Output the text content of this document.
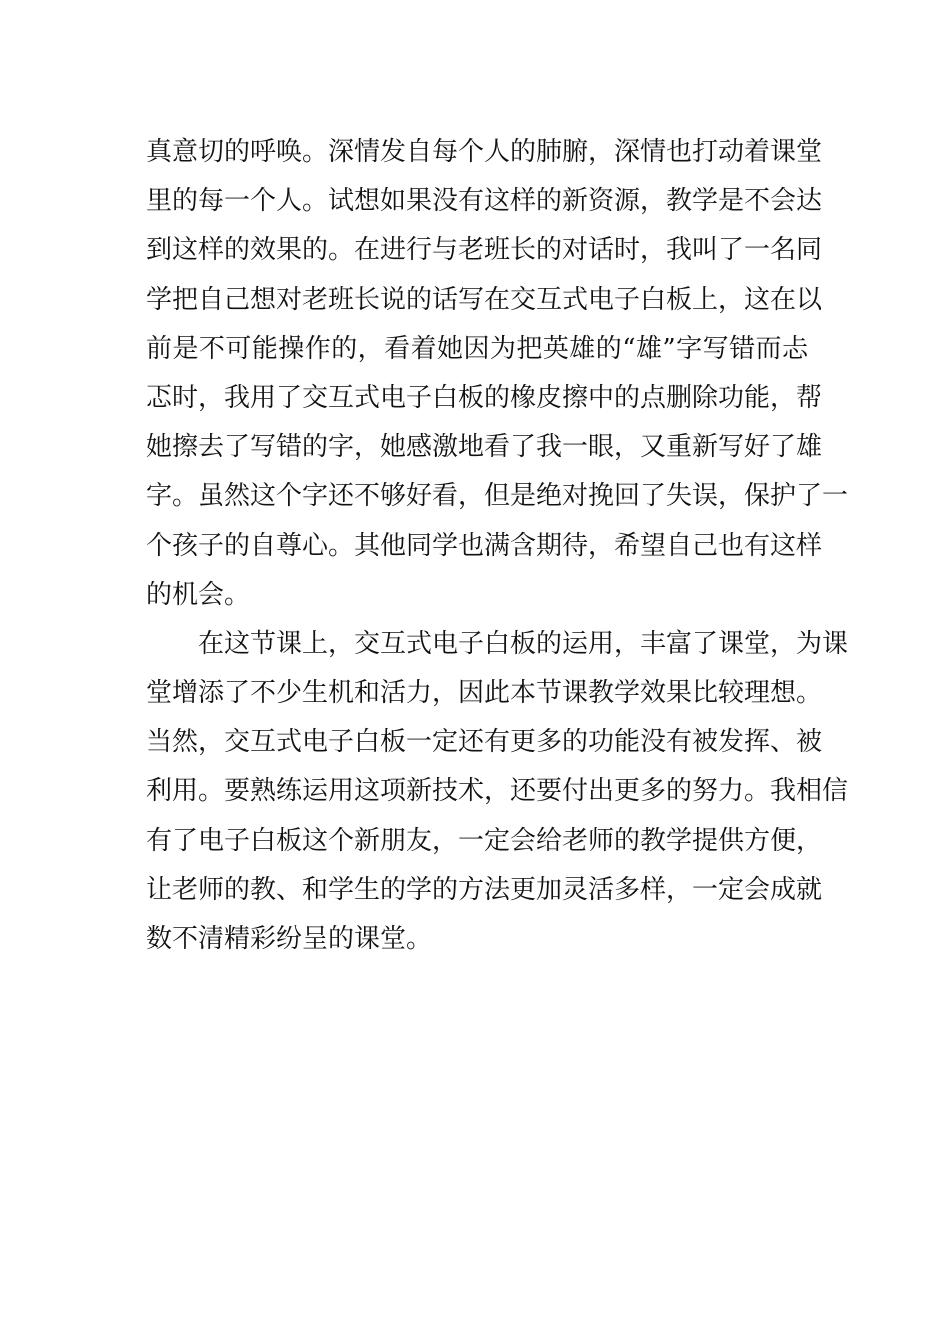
真意切的呼唤。深情发自每个人的肺腑，深情也打动着课堂
里的每一个人。试想如果没有这样的新资源，教学是不会达
到这样的效果的。在进行与老班长的对话时，我叫了一名同
学把自己想对老班长说的话写在交互式电子白板上，这在以
前是不可能操作的，看着她因为把英雄的“雄”字写错而忐
忑时，我用了交互式电子白板的橡皮擦中的点删除功能，帮
她擦去了写错的字，她感激地看了我一眼，又重新写好了雄
字。虽然这个字还不够好看，但是绝对挽回了失误，保护了一
个孩子的自尊心。其他同学也满含期待，希望自己也有这样
的机会。
在这节课上，交互式电子白板的运用，丰富了课堂，为课
堂增添了不少生机和活力，因此本节课教学效果比较理想。
当然，交互式电子白板一定还有更多的功能没有被发挥、被
利用。要熟练运用这项新技术，还要付出更多的努力。我相信
有了电子白板这个新朋友，一定会给老师的教学提供方便，
让老师的教、和学生的学的方法更加灵活多样，一定会成就
数不清精彩纷呈的课堂。
